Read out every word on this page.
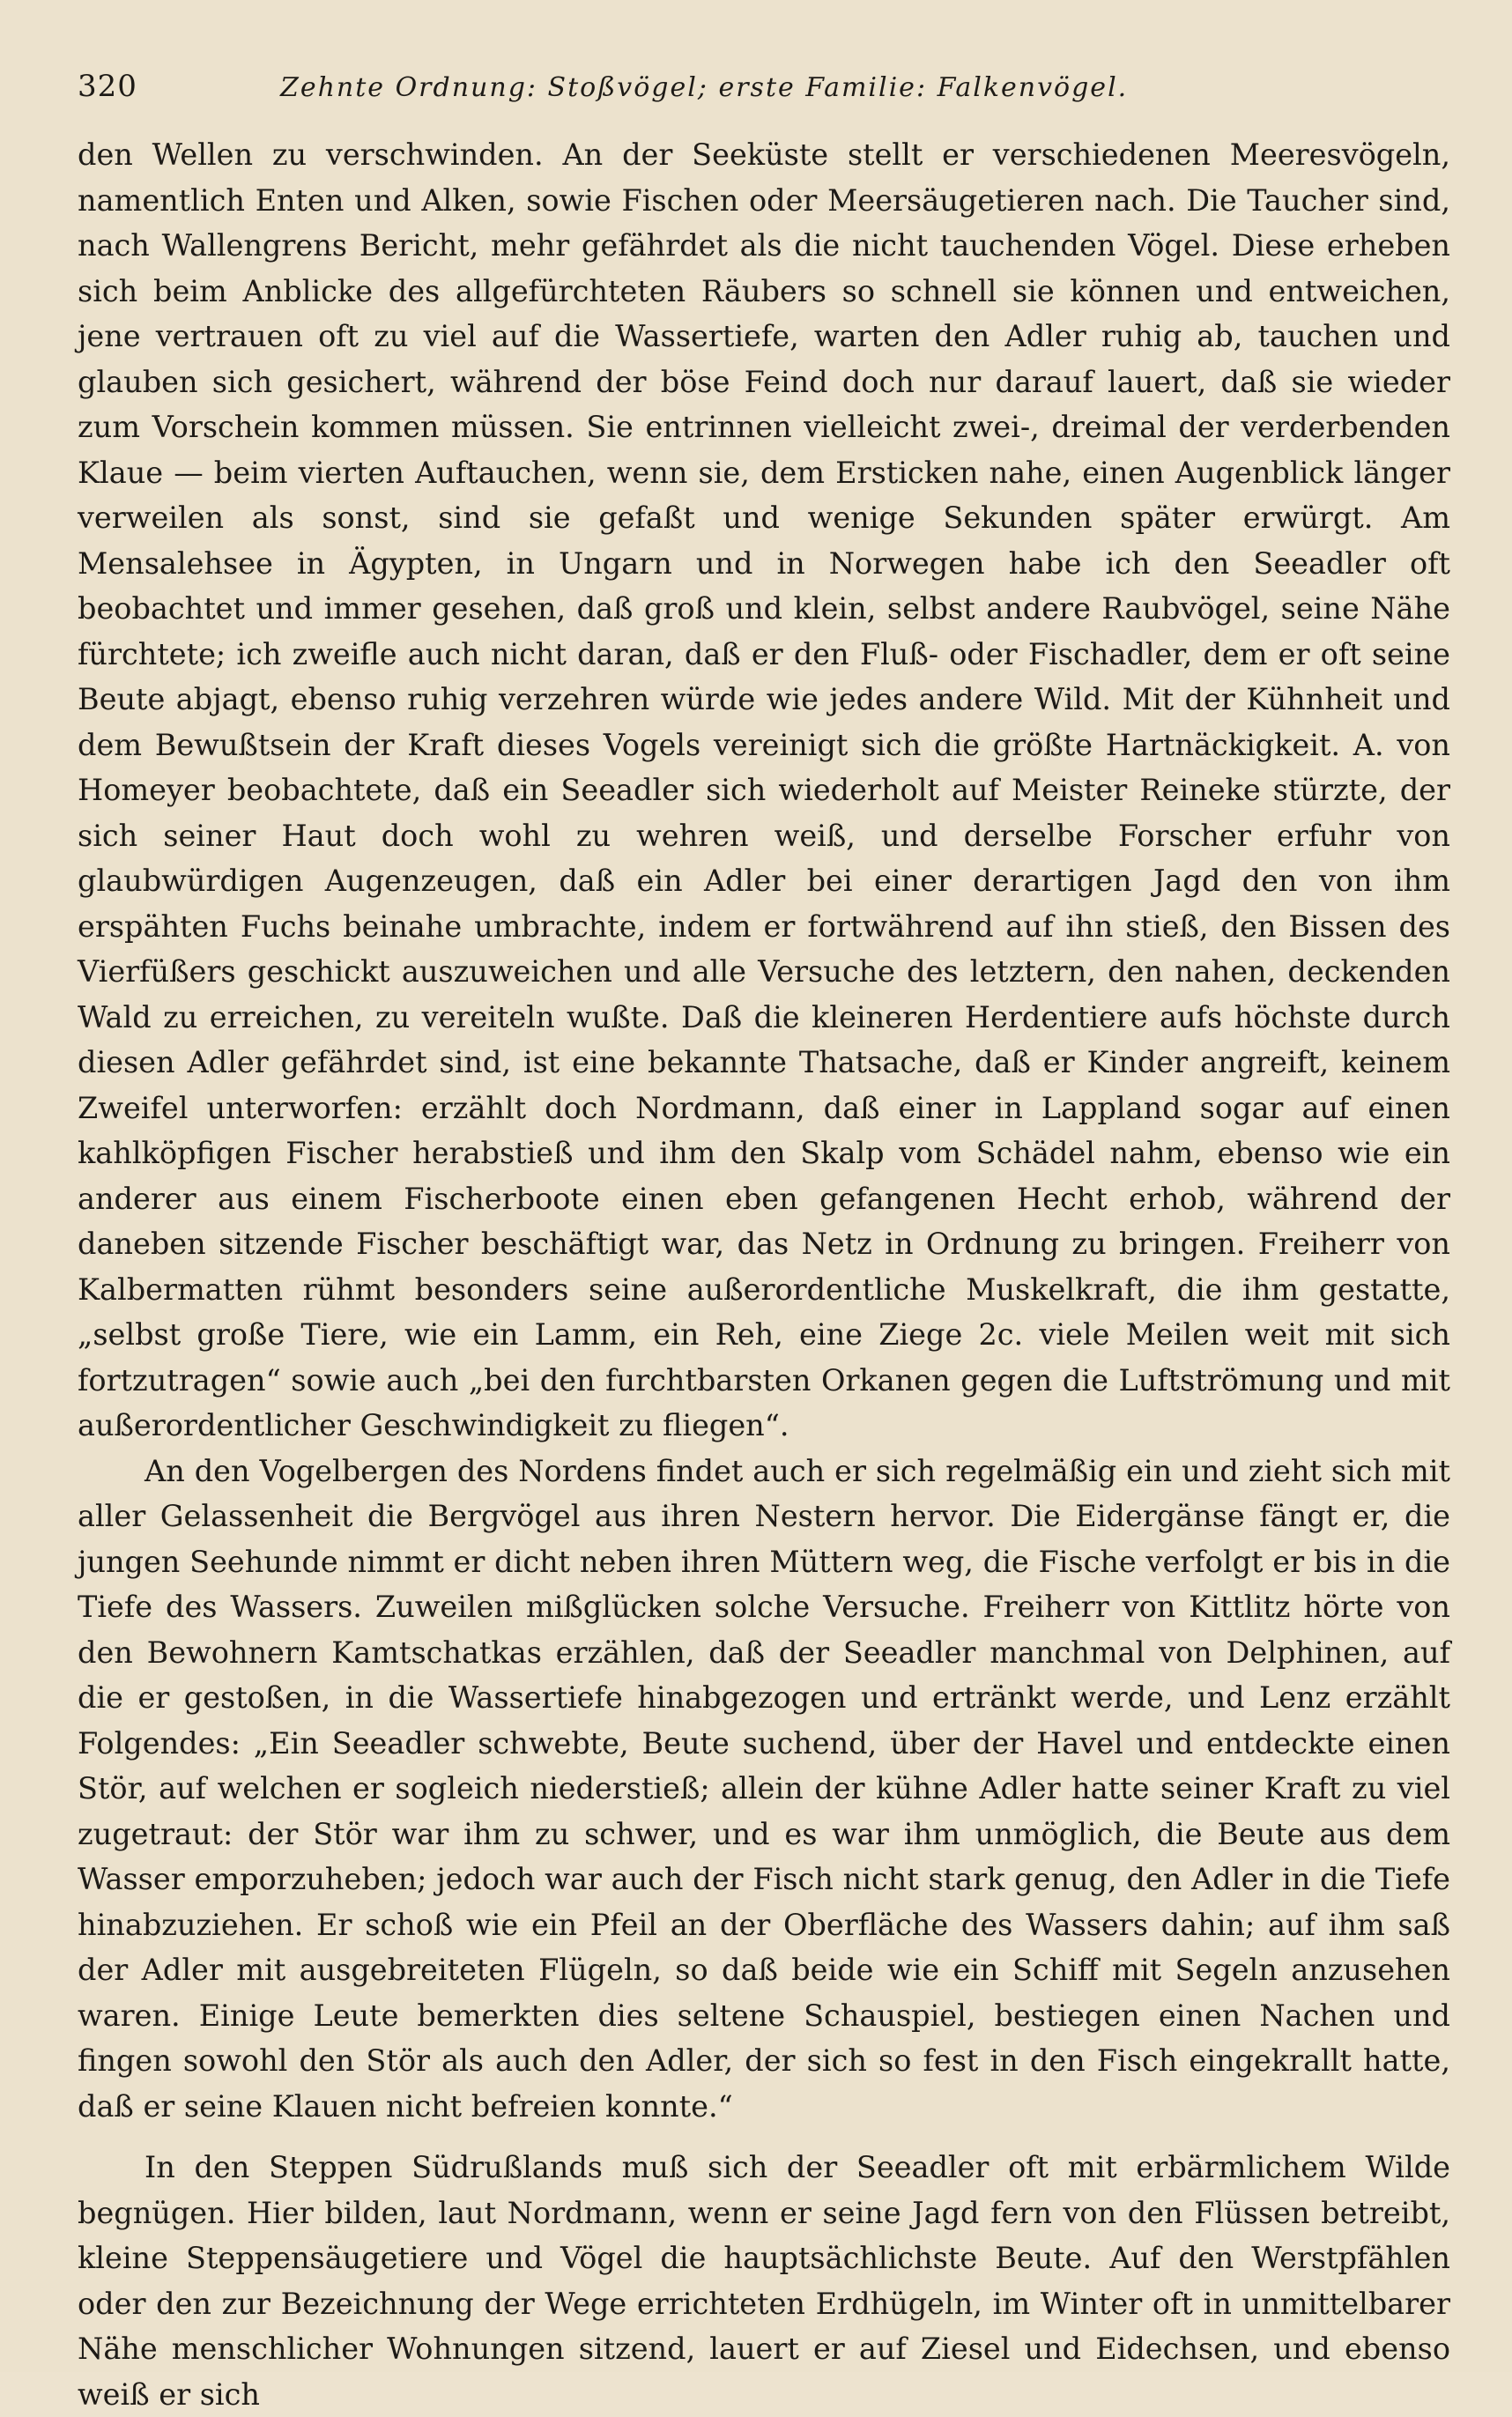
320	Zehnte Ordnung: Stoßvögel; erste Familie: Falkenvögel.

den Wellen zu verschwinden. An der Seeküste stellt er verschiedenen Meeresvögeln, namentlich Enten und Alken, sowie Fischen oder Meersäugetieren nach. Die Taucher sind, nach Wallengrens Bericht, mehr gefährdet als die nicht tauchenden Vögel. Diese erheben sich beim Anblicke des allgefürchteten Räubers so schnell sie können und entweichen, jene vertrauen oft zu viel auf die Wassertiefe, warten den Adler ruhig ab, tauchen und glauben sich gesichert, während der böse Feind doch nur darauf lauert, daß sie wieder zum Vorschein kommen müssen. Sie entrinnen vielleicht zwei-, dreimal der verderbenden Klaue — beim vierten Auftauchen, wenn sie, dem Ersticken nahe, einen Augenblick länger verweilen als sonst, sind sie gefaßt und wenige Sekunden später erwürgt. Am Mensalehsee in Ägypten, in Ungarn und in Norwegen habe ich den Seeadler oft beobachtet und immer gesehen, daß groß und klein, selbst andere Raubvögel, seine Nähe fürchtete; ich zweifle auch nicht daran, daß er den Fluß- oder Fischadler, dem er oft seine Beute abjagt, ebenso ruhig verzehren würde wie jedes andere Wild. Mit der Kühnheit und dem Bewußtsein der Kraft dieses Vogels vereinigt sich die größte Hartnäckigkeit. A. von Homeyer beobachtete, daß ein Seeadler sich wiederholt auf Meister Reineke stürzte, der sich seiner Haut doch wohl zu wehren weiß, und derselbe Forscher erfuhr von glaubwürdigen Augenzeugen, daß ein Adler bei einer derartigen Jagd den von ihm erspähten Fuchs beinahe umbrachte, indem er fortwährend auf ihn stieß, den Bissen des Vierfüßers geschickt auszuweichen und alle Versuche des letztern, den nahen, deckenden Wald zu erreichen, zu vereiteln wußte. Daß die kleineren Herdentiere aufs höchste durch diesen Adler gefährdet sind, ist eine bekannte Thatsache, daß er Kinder angreift, keinem Zweifel unterworfen: erzählt doch Nordmann, daß einer in Lappland sogar auf einen kahlköpfigen Fischer herabstieß und ihm den Skalp vom Schädel nahm, ebenso wie ein anderer aus einem Fischerboote einen eben gefangenen Hecht erhob, während der daneben sitzende Fischer beschäftigt war, das Netz in Ordnung zu bringen. Freiherr von Kalbermatten rühmt besonders seine außerordentliche Muskelkraft, die ihm gestatte, „selbst große Tiere, wie ein Lamm, ein Reh, eine Ziege 2c. viele Meilen weit mit sich fortzutragen“ sowie auch „bei den furchtbarsten Orkanen gegen die Luftströmung und mit außerordentlicher Geschwindigkeit zu fliegen“.

An den Vogelbergen des Nordens findet auch er sich regelmäßig ein und zieht sich mit aller Gelassenheit die Bergvögel aus ihren Nestern hervor. Die Eidergänse fängt er, die jungen Seehunde nimmt er dicht neben ihren Müttern weg, die Fische verfolgt er bis in die Tiefe des Wassers. Zuweilen mißglücken solche Versuche. Freiherr von Kittlitz hörte von den Bewohnern Kamtschatkas erzählen, daß der Seeadler manchmal von Delphinen, auf die er gestoßen, in die Wassertiefe hinabgezogen und ertränkt werde, und Lenz erzählt Folgendes: „Ein Seeadler schwebte, Beute suchend, über der Havel und entdeckte einen Stör, auf welchen er sogleich niederstieß; allein der kühne Adler hatte seiner Kraft zu viel zugetraut: der Stör war ihm zu schwer, und es war ihm unmöglich, die Beute aus dem Wasser emporzuheben; jedoch war auch der Fisch nicht stark genug, den Adler in die Tiefe hinabzuziehen. Er schoß wie ein Pfeil an der Oberfläche des Wassers dahin; auf ihm saß der Adler mit ausgebreiteten Flügeln, so daß beide wie ein Schiff mit Segeln anzusehen waren. Einige Leute bemerkten dies seltene Schauspiel, bestiegen einen Nachen und fingen sowohl den Stör als auch den Adler, der sich so fest in den Fisch eingekrallt hatte, daß er seine Klauen nicht befreien konnte.“

In den Steppen Südrußlands muß sich der Seeadler oft mit erbärmlichem Wilde begnügen. Hier bilden, laut Nordmann, wenn er seine Jagd fern von den Flüssen betreibt, kleine Steppensäugetiere und Vögel die hauptsächlichste Beute. Auf den Werstpfählen oder den zur Bezeichnung der Wege errichteten Erdhügeln, im Winter oft in unmittelbarer Nähe menschlicher Wohnungen sitzend, lauert er auf Ziesel und Eidechsen, und ebenso weiß er sich
